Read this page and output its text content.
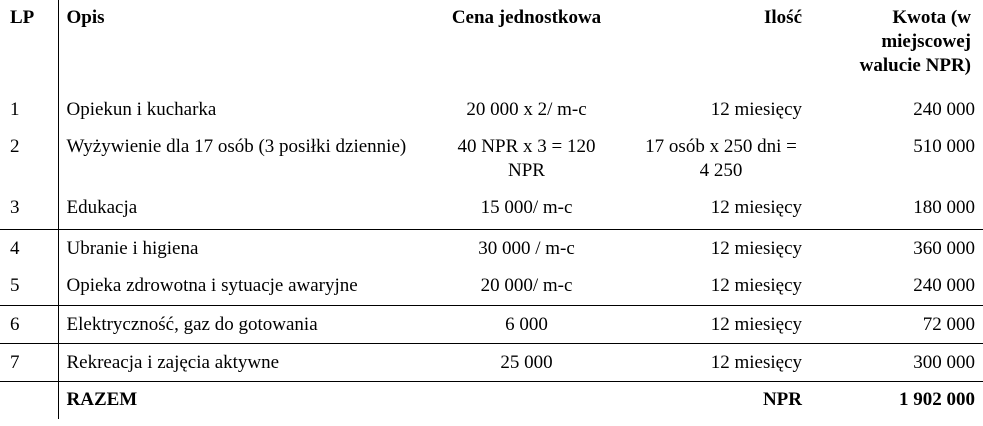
LP	Opis	Cena jednostkowa	Ilość	Kwota (w miejscowej walucie NPR)
1	Opiekun i kucharka	20 000 x 2/ m-c	12 miesięcy	240 000
2	Wyżywienie dla 17 osób (3 posiłki dziennie)	40 NPR x 3 = 120 NPR	17 osób x 250 dni = 4 250	510 000
3	Edukacja	15 000/ m-c	12 miesięcy	180 000
4	Ubranie i higiena	30 000 / m-c	12 miesięcy	360 000
5	Opieka zdrowotna i sytuacje awaryjne	20 000/ m-c	12 miesięcy	240 000
6	Elektryczność, gaz do gotowania	6 000	12 miesięcy	72 000
7	Rekreacja i zajęcia aktywne	25 000	12 miesięcy	300 000
	RAZEM		NPR	1 902 000
